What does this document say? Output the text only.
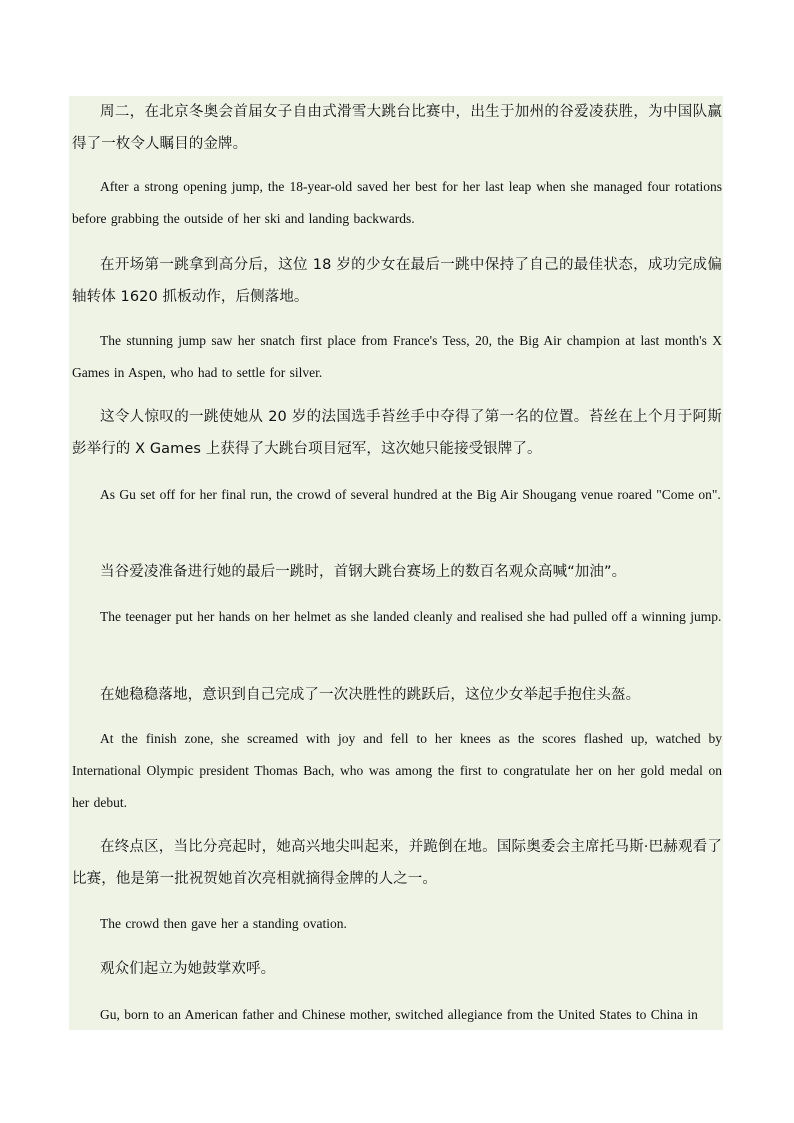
周二，在北京冬奥会首届女子自由式滑雪大跳台比赛中，出生于加州的谷爱凌获胜，为中国队赢得了一枚令人瞩目的金牌。

After a strong opening jump, the 18-year-old saved her best for her last leap when she managed four rotations before grabbing the outside of her ski and landing backwards.

在开场第一跳拿到高分后，这位 18 岁的少女在最后一跳中保持了自己的最佳状态，成功完成偏轴转体 1620 抓板动作，后侧落地。

The stunning jump saw her snatch first place from France's Tess, 20, the Big Air champion at last month's X Games in Aspen, who had to settle for silver.

这令人惊叹的一跳使她从 20 岁的法国选手苔丝手中夺得了第一名的位置。苔丝在上个月于阿斯彭举行的 X Games 上获得了大跳台项目冠军，这次她只能接受银牌了。

As Gu set off for her final run, the crowd of several hundred at the Big Air Shougang venue roared "Come on".

当谷爱凌准备进行她的最后一跳时，首钢大跳台赛场上的数百名观众高喊“加油”。

The teenager put her hands on her helmet as she landed cleanly and realised she had pulled off a winning jump.

在她稳稳落地，意识到自己完成了一次决胜性的跳跃后，这位少女举起手抱住头盔。

At the finish zone, she screamed with joy and fell to her knees as the scores flashed up, watched by International Olympic president Thomas Bach, who was among the first to congratulate her on her gold medal on her debut.

在终点区，当比分亮起时，她高兴地尖叫起来，并跪倒在地。国际奥委会主席托马斯·巴赫观看了比赛，他是第一批祝贺她首次亮相就摘得金牌的人之一。

The crowd then gave her a standing ovation.

观众们起立为她鼓掌欢呼。

Gu, born to an American father and Chinese mother, switched allegiance from the United States to China in
